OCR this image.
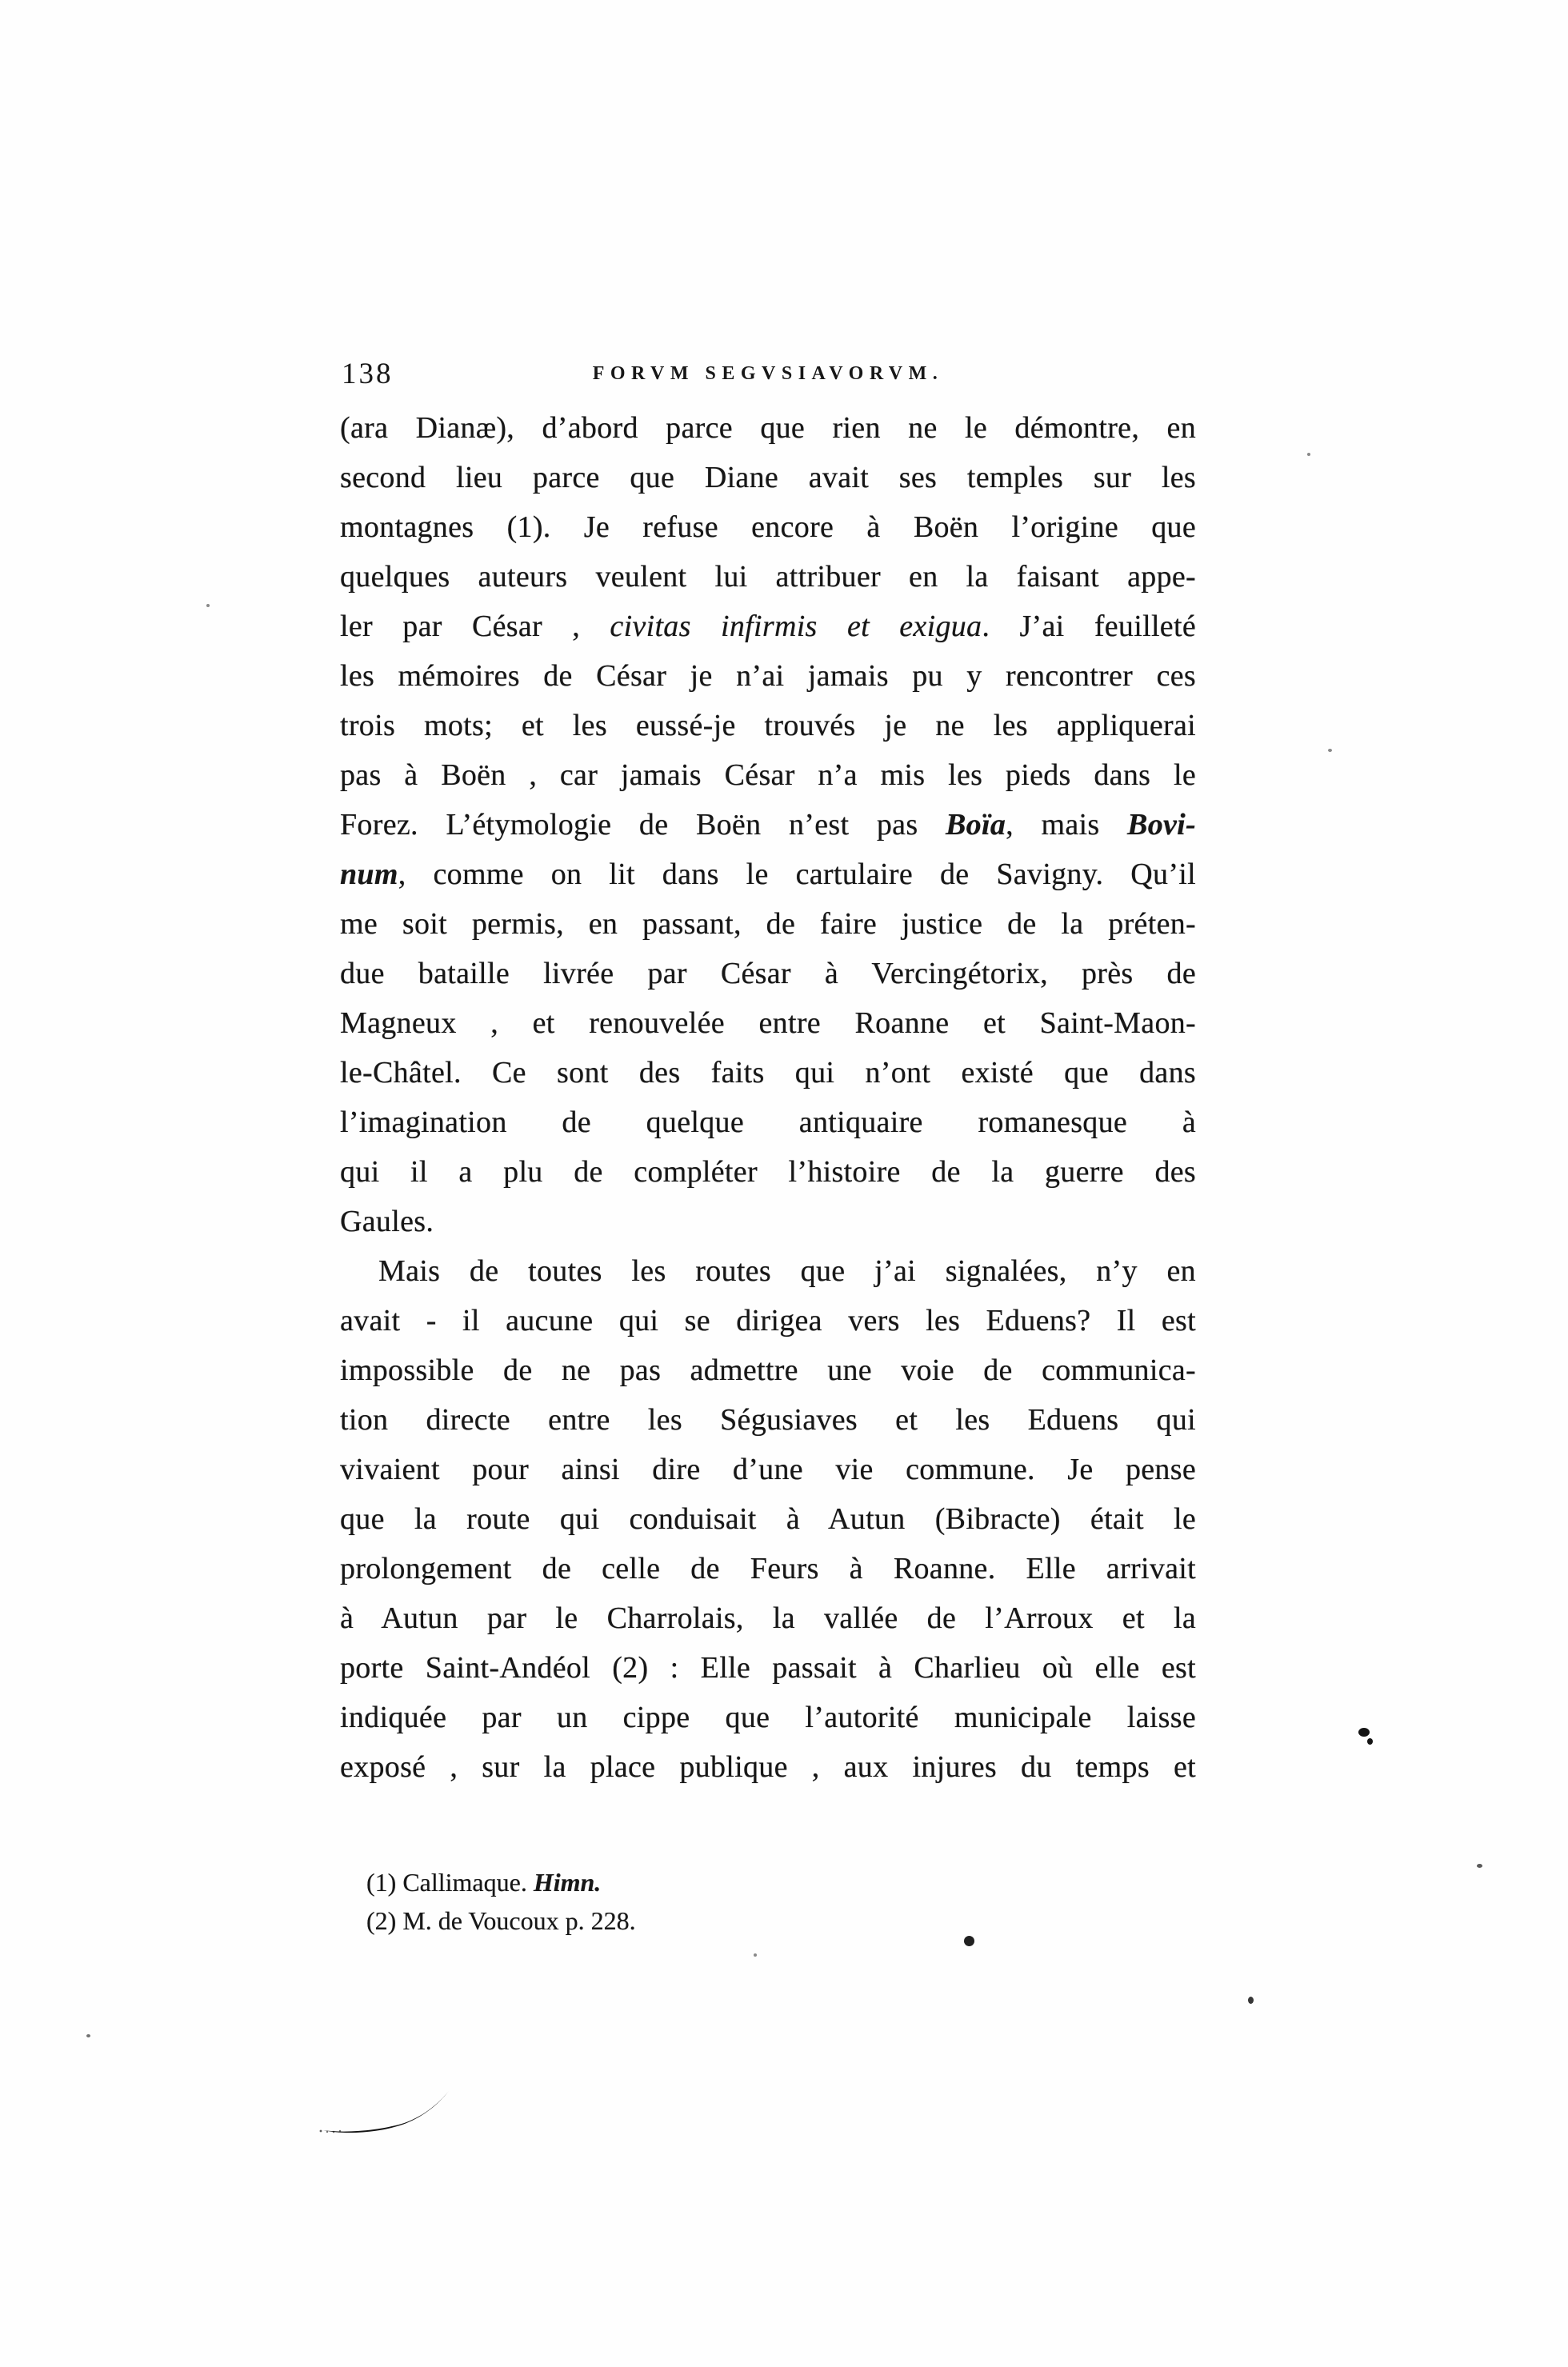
138	FORVM SEGVSIAVORVM.
(ara Dianæ), d’abord parce que rien ne le démontre, en
second lieu parce que Diane avait ses temples sur les
montagnes (1). Je refuse encore à Boën l’origine que
quelques auteurs veulent lui attribuer en la faisant appe-
ler par César , civitas infirmis et exigua. J’ai feuilleté
les mémoires de César je n’ai jamais pu y rencontrer ces
trois mots; et les eussé-je trouvés je ne les appliquerai
pas à Boën , car jamais César n’a mis les pieds dans le
Forez. L’étymologie de Boën n’est pas Boïa, mais Bovi-
num, comme on lit dans le cartulaire de Savigny. Qu’il
me soit permis, en passant, de faire justice de la préten-
due bataille livrée par César à Vercingétorix, près de
Magneux , et renouvelée entre Roanne et Saint-Maon-
le-Châtel. Ce sont des faits qui n’ont existé que dans
l’imagination de quelque antiquaire romanesque à
qui il a plu de compléter l’histoire de la guerre des
Gaules.
Mais de toutes les routes que j’ai signalées, n’y en
avait - il aucune qui se dirigea vers les Eduens? Il est
impossible de ne pas admettre une voie de communica-
tion directe entre les Ségusiaves et les Eduens qui
vivaient pour ainsi dire d’une vie commune. Je pense
que la route qui conduisait à Autun (Bibracte) était le
prolongement de celle de Feurs à Roanne. Elle arrivait
à Autun par le Charrolais, la vallée de l’Arroux et la
porte Saint-Andéol (2) : Elle passait à Charlieu où elle est
indiquée par un cippe que l’autorité municipale laisse
exposé , sur la place publique , aux injures du temps et
(1) Callimaque. Himn.
(2) M. de Voucoux p. 228.
